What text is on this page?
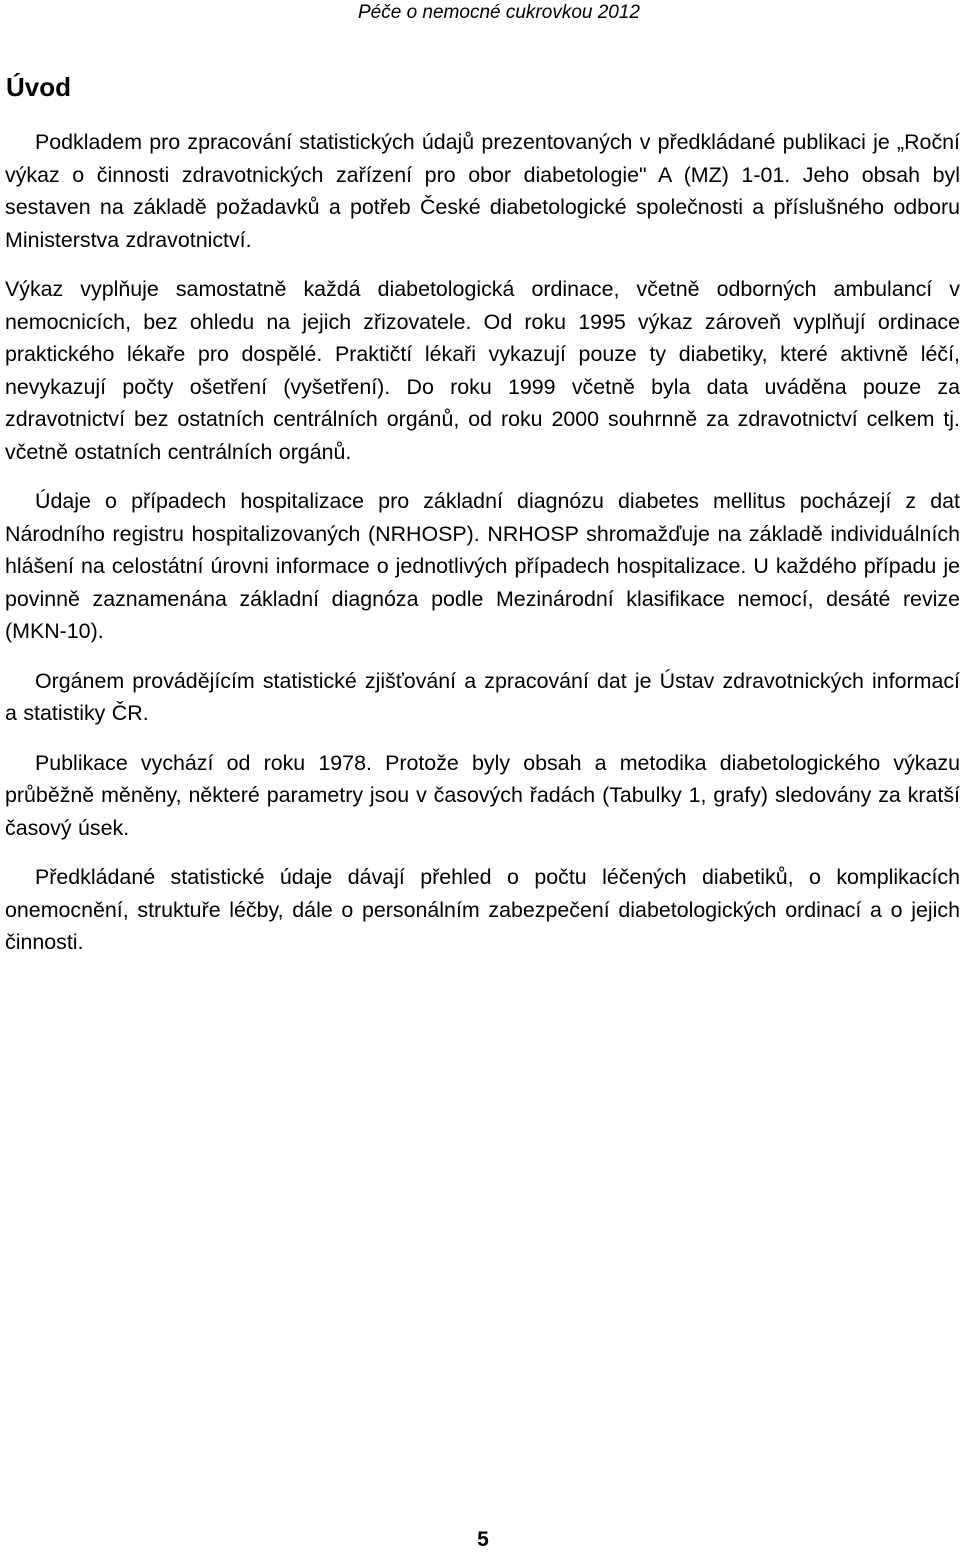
Péče o nemocné cukrovkou 2012
Úvod

Podkladem pro zpracování statistických údajů prezentovaných v předkládané publikaci je „Roční výkaz o činnosti zdravotnických zařízení pro obor diabetologie" A (MZ) 1-01. Jeho obsah byl sestaven na základě požadavků a potřeb České diabetologické společnosti a příslušného odboru Ministerstva zdravotnictví.

Výkaz vyplňuje samostatně každá diabetologická ordinace, včetně odborných ambulancí v nemocnicích, bez ohledu na jejich zřizovatele. Od roku 1995 výkaz zároveň vyplňují ordinace praktického lékaře pro dospělé. Praktičtí lékaři vykazují pouze ty diabetiky, které aktivně léčí, nevykazují počty ošetření (vyšetření). Do roku 1999 včetně byla data uváděna pouze za zdravotnictví bez ostatních centrálních orgánů, od roku 2000 souhrnně za zdravotnictví celkem tj. včetně ostatních centrálních orgánů.

Údaje o případech hospitalizace pro základní diagnózu diabetes mellitus pocházejí z dat Národního registru hospitalizovaných (NRHOSP). NRHOSP shromažďuje na základě individuálních hlášení na celostátní úrovni informace o jednotlivých případech hospitalizace. U každého případu je povinně zaznamenána základní diagnóza podle Mezinárodní klasifikace nemocí, desáté revize (MKN-10).

Orgánem provádějícím statistické zjišťování a zpracování dat je Ústav zdravotnických informací a statistiky ČR.

Publikace vychází od roku 1978. Protože byly obsah a metodika diabetologického výkazu průběžně měněny, některé parametry jsou v časových řadách (Tabulky 1, grafy) sledovány za kratší časový úsek.

Předkládané statistické údaje dávají přehled o počtu léčených diabetiků, o komplikacích onemocnění, struktuře léčby, dále o personálním zabezpečení diabetologických ordinací a o jejich činnosti.

5
